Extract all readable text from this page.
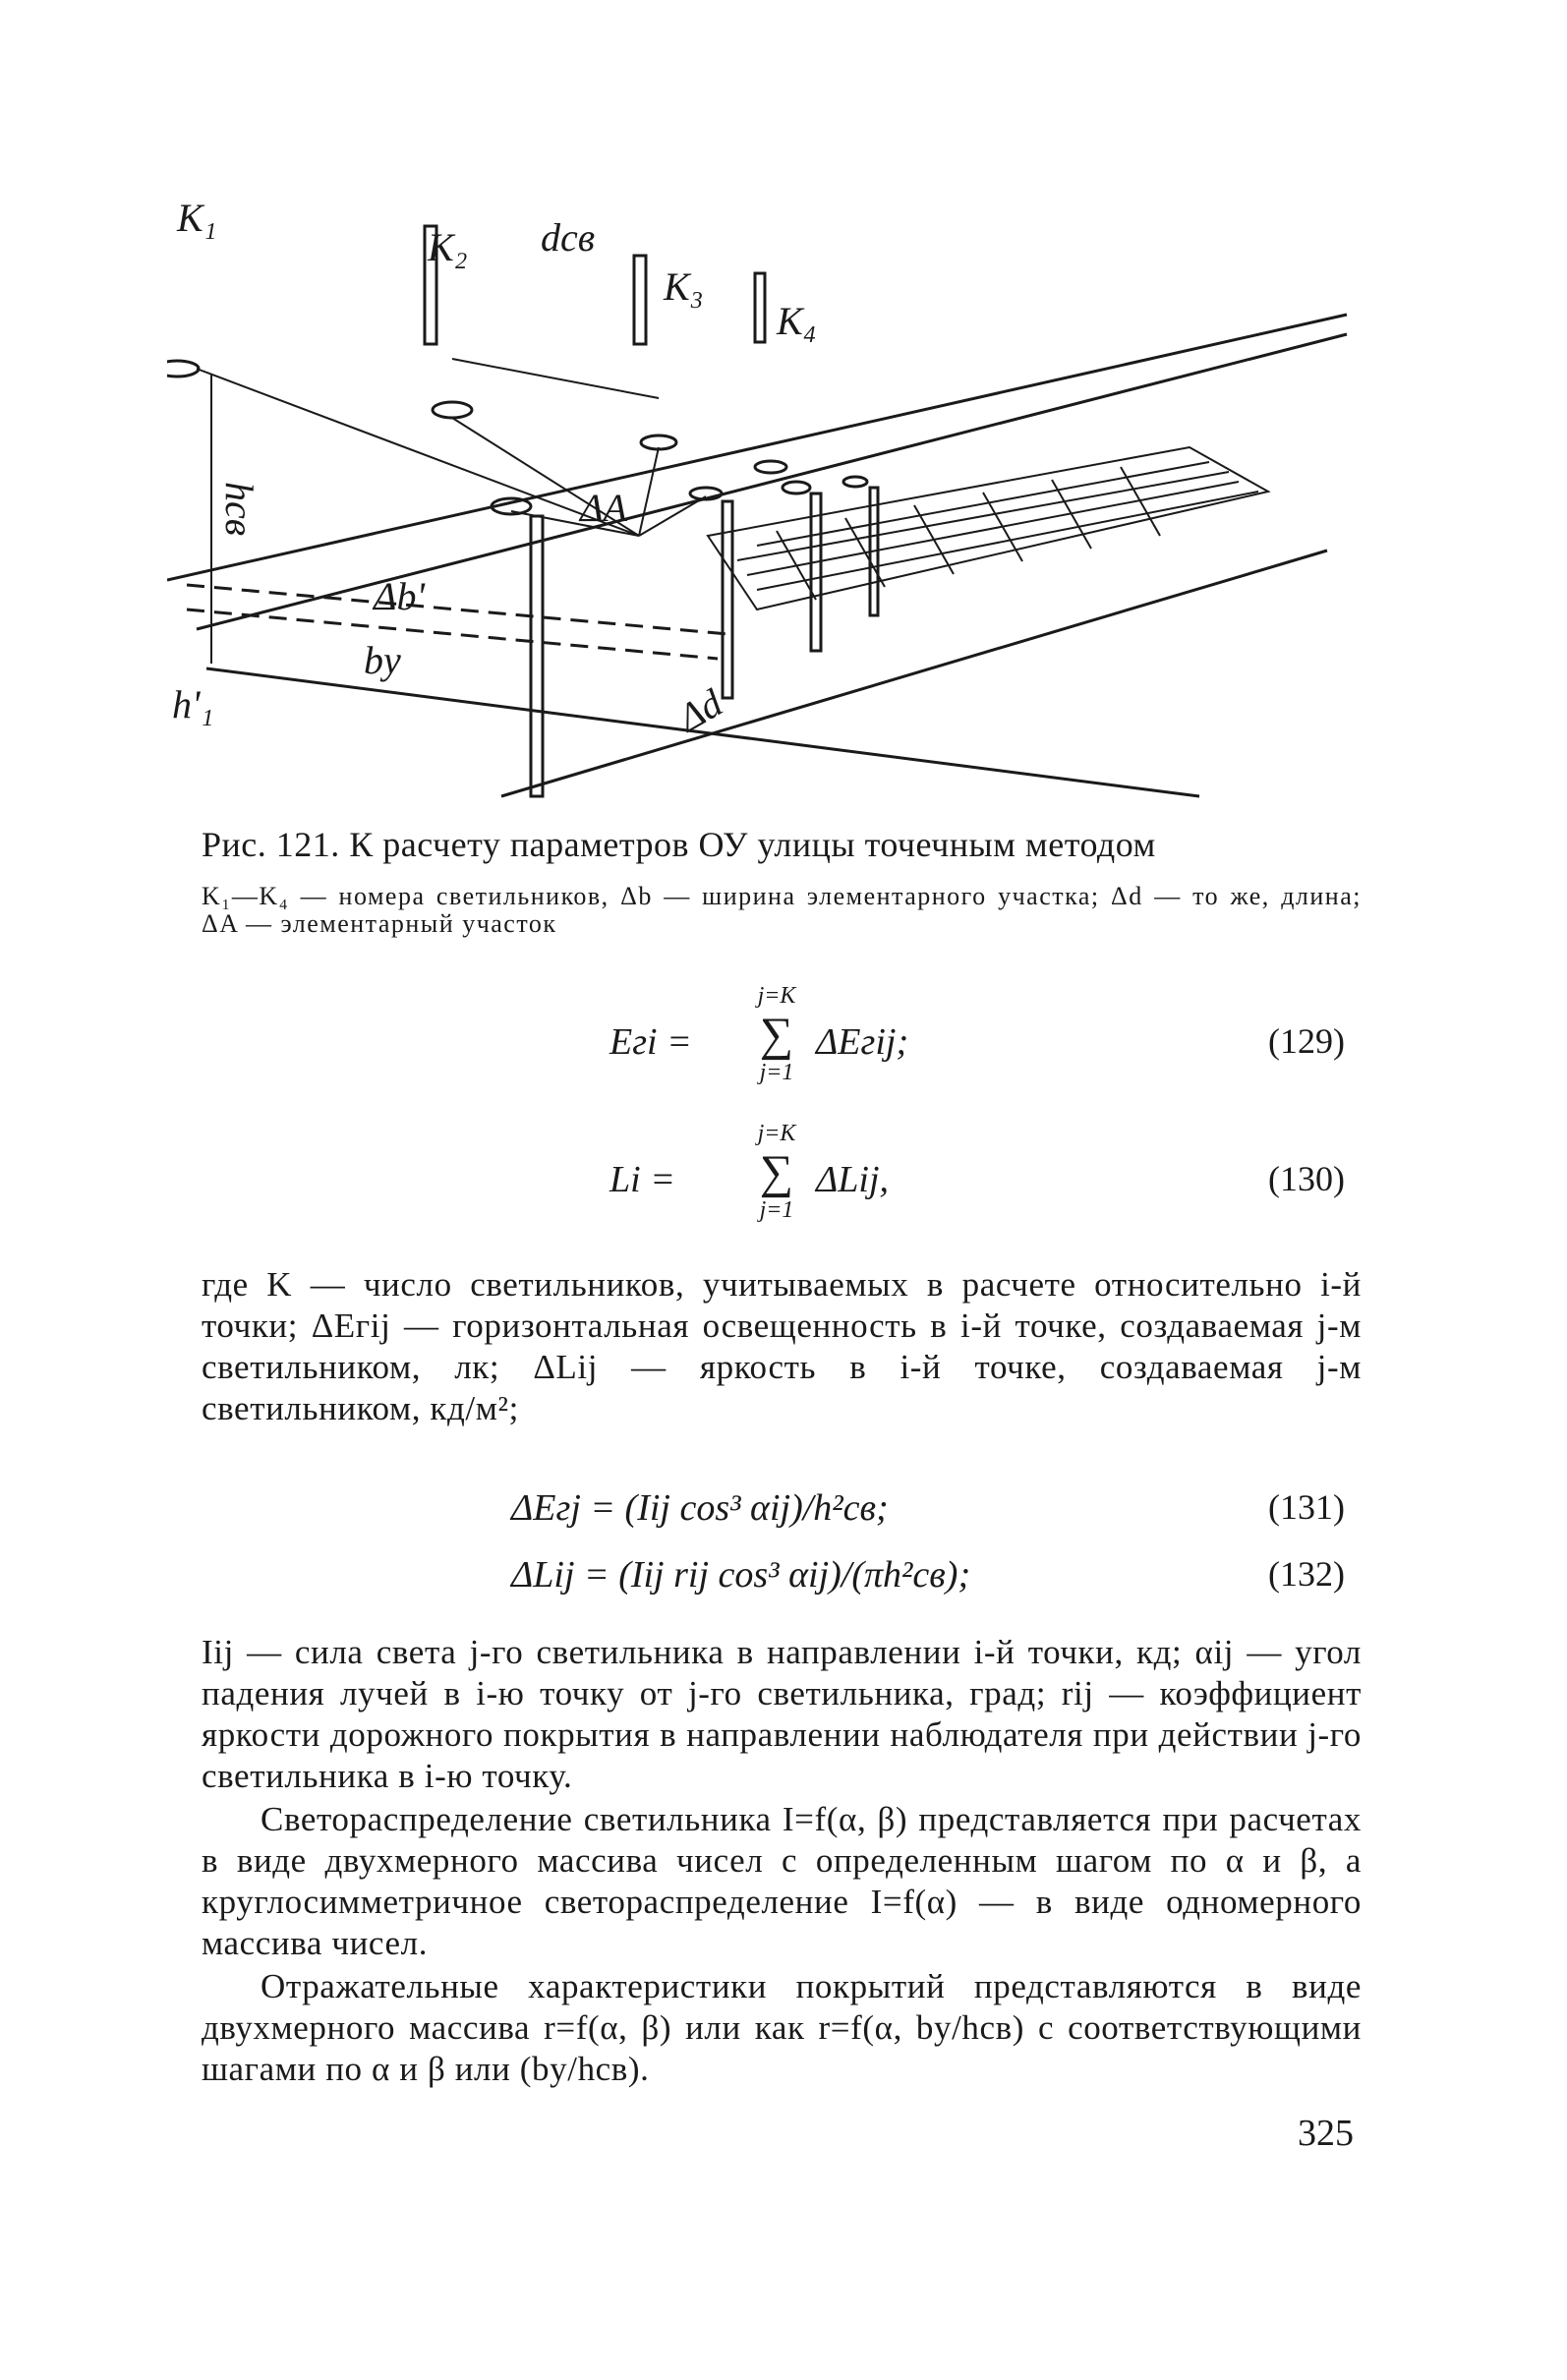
K₁
K₂
K₃
K₄
dсв
hсв	ΔA
Δb'
bу
h'₁	Δd
Рис. 121. К расчету параметров ОУ улицы точечным методом
K₁—K₄ — номера светильников, Δb — ширина элементарного участка; Δd — то же, длина; ΔA — элементарный участок
Eгi =
j=K
∑
j=1
ΔEгij;	(129)
Li =
j=K
∑
j=1
ΔLij,	(130)
где K — число светильников, учитываемых в расчете относительно i-й точки; ΔEгij — горизонтальная освещенность в i-й точке, создаваемая j-м светильником, лк; ΔLij — яркость в i-й точке, создаваемая j-м светильником, кд/м²;
ΔEгj = (Iij cos³ αij)/h²св;	(131)
ΔLij = (Iij rij cos³ αij)/(πh²св);	(132)
Iij — сила света j-го светильника в направлении i-й точки, кд; αij — угол падения лучей в i-ю точку от j-го светильника, град; rij — коэффициент яркости дорожного покрытия в направлении наблюдателя при действии j-го светильника в i-ю точку.
Светораспределение светильника I=f(α, β) представляется при расчетах в виде двухмерного массива чисел с определенным шагом по α и β, а круглосимметричное светораспределение I=f(α) — в виде одномерного массива чисел.
Отражательные характеристики покрытий представляются в виде двухмерного массива r=f(α, β) или как r=f(α, bу/hсв) с соответствующими шагами по α и β или (bу/hсв).
325
